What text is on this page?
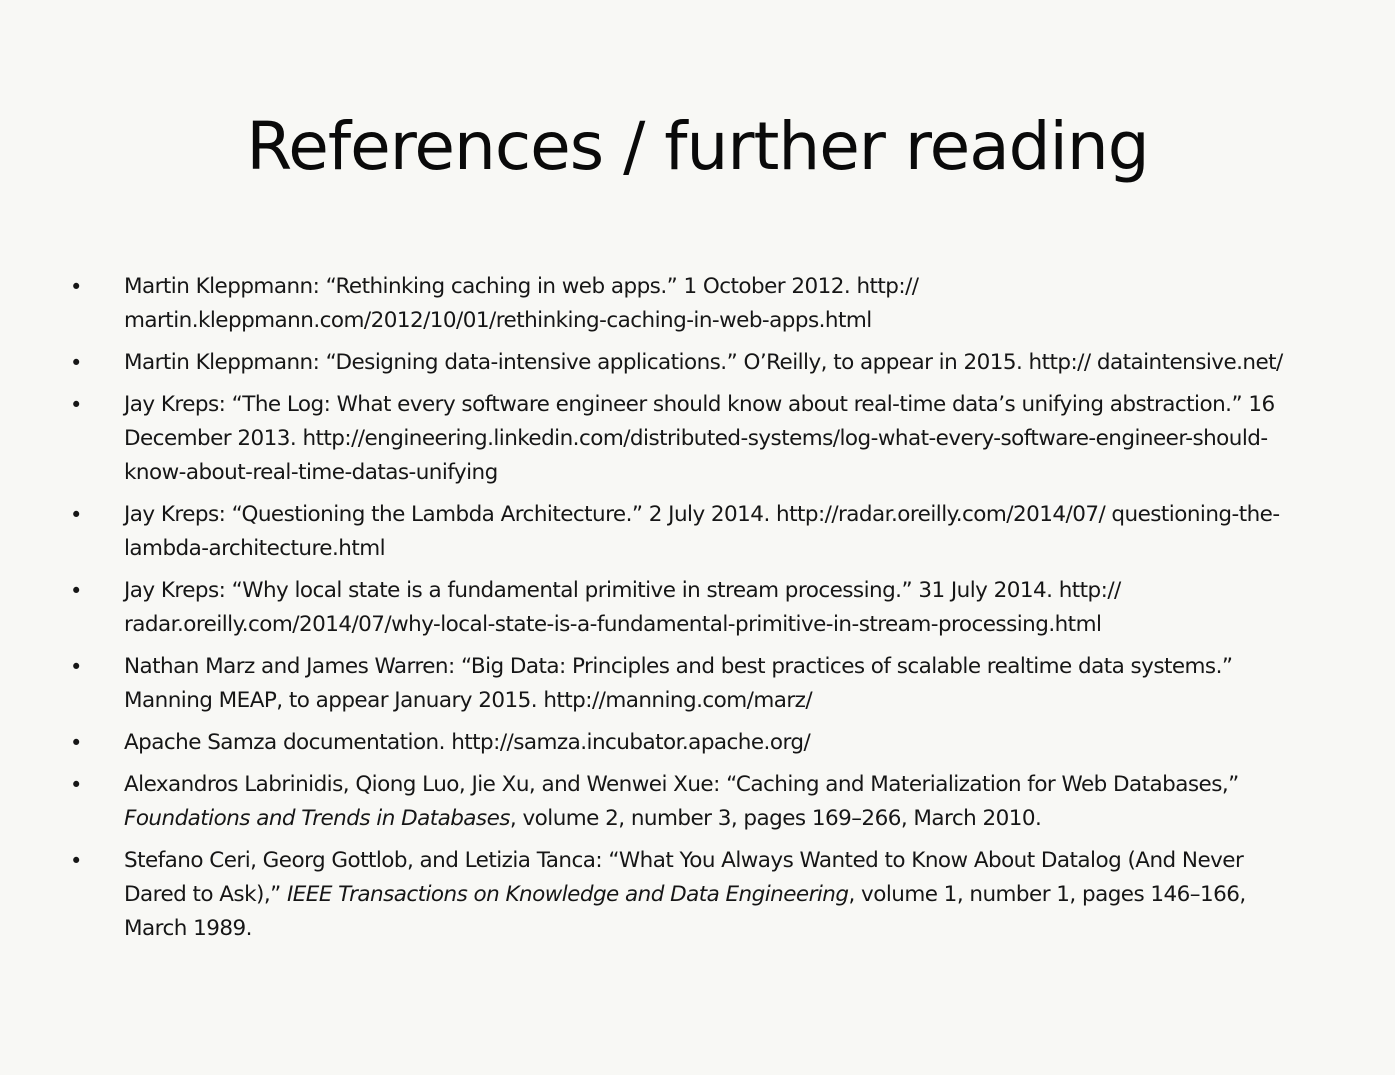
References / further reading
•	Martin Kleppmann: “Rethinking caching in web apps.” 1 October 2012. http:// martin.kleppmann.com/2012/10/01/rethinking-caching-in-web-apps.html
•	Martin Kleppmann: “Designing data-intensive applications.” O’Reilly, to appear in 2015. http:// dataintensive.net/
•	Jay Kreps: “The Log: What every software engineer should know about real-time data’s unifying abstraction.” 16 December 2013. http://engineering.linkedin.com/distributed-systems/log-what-every-software-engineer-should-know-about-real-time-datas-unifying
•	Jay Kreps: “Questioning the Lambda Architecture.” 2 July 2014. http://radar.oreilly.com/2014/07/ questioning-the-lambda-architecture.html
•	Jay Kreps: “Why local state is a fundamental primitive in stream processing.” 31 July 2014. http:// radar.oreilly.com/2014/07/why-local-state-is-a-fundamental-primitive-in-stream-processing.html
•	Nathan Marz and James Warren: “Big Data: Principles and best practices of scalable realtime data systems.” Manning MEAP, to appear January 2015. http://manning.com/marz/
•	Apache Samza documentation. http://samza.incubator.apache.org/
•	Alexandros Labrinidis, Qiong Luo, Jie Xu, and Wenwei Xue: “Caching and Materialization for Web Databases,” Foundations and Trends in Databases, volume 2, number 3, pages 169–266, March 2010.
•	Stefano Ceri, Georg Gottlob, and Letizia Tanca: “What You Always Wanted to Know About Datalog (And Never Dared to Ask),” IEEE Transactions on Knowledge and Data Engineering, volume 1, number 1, pages 146–166, March 1989.
